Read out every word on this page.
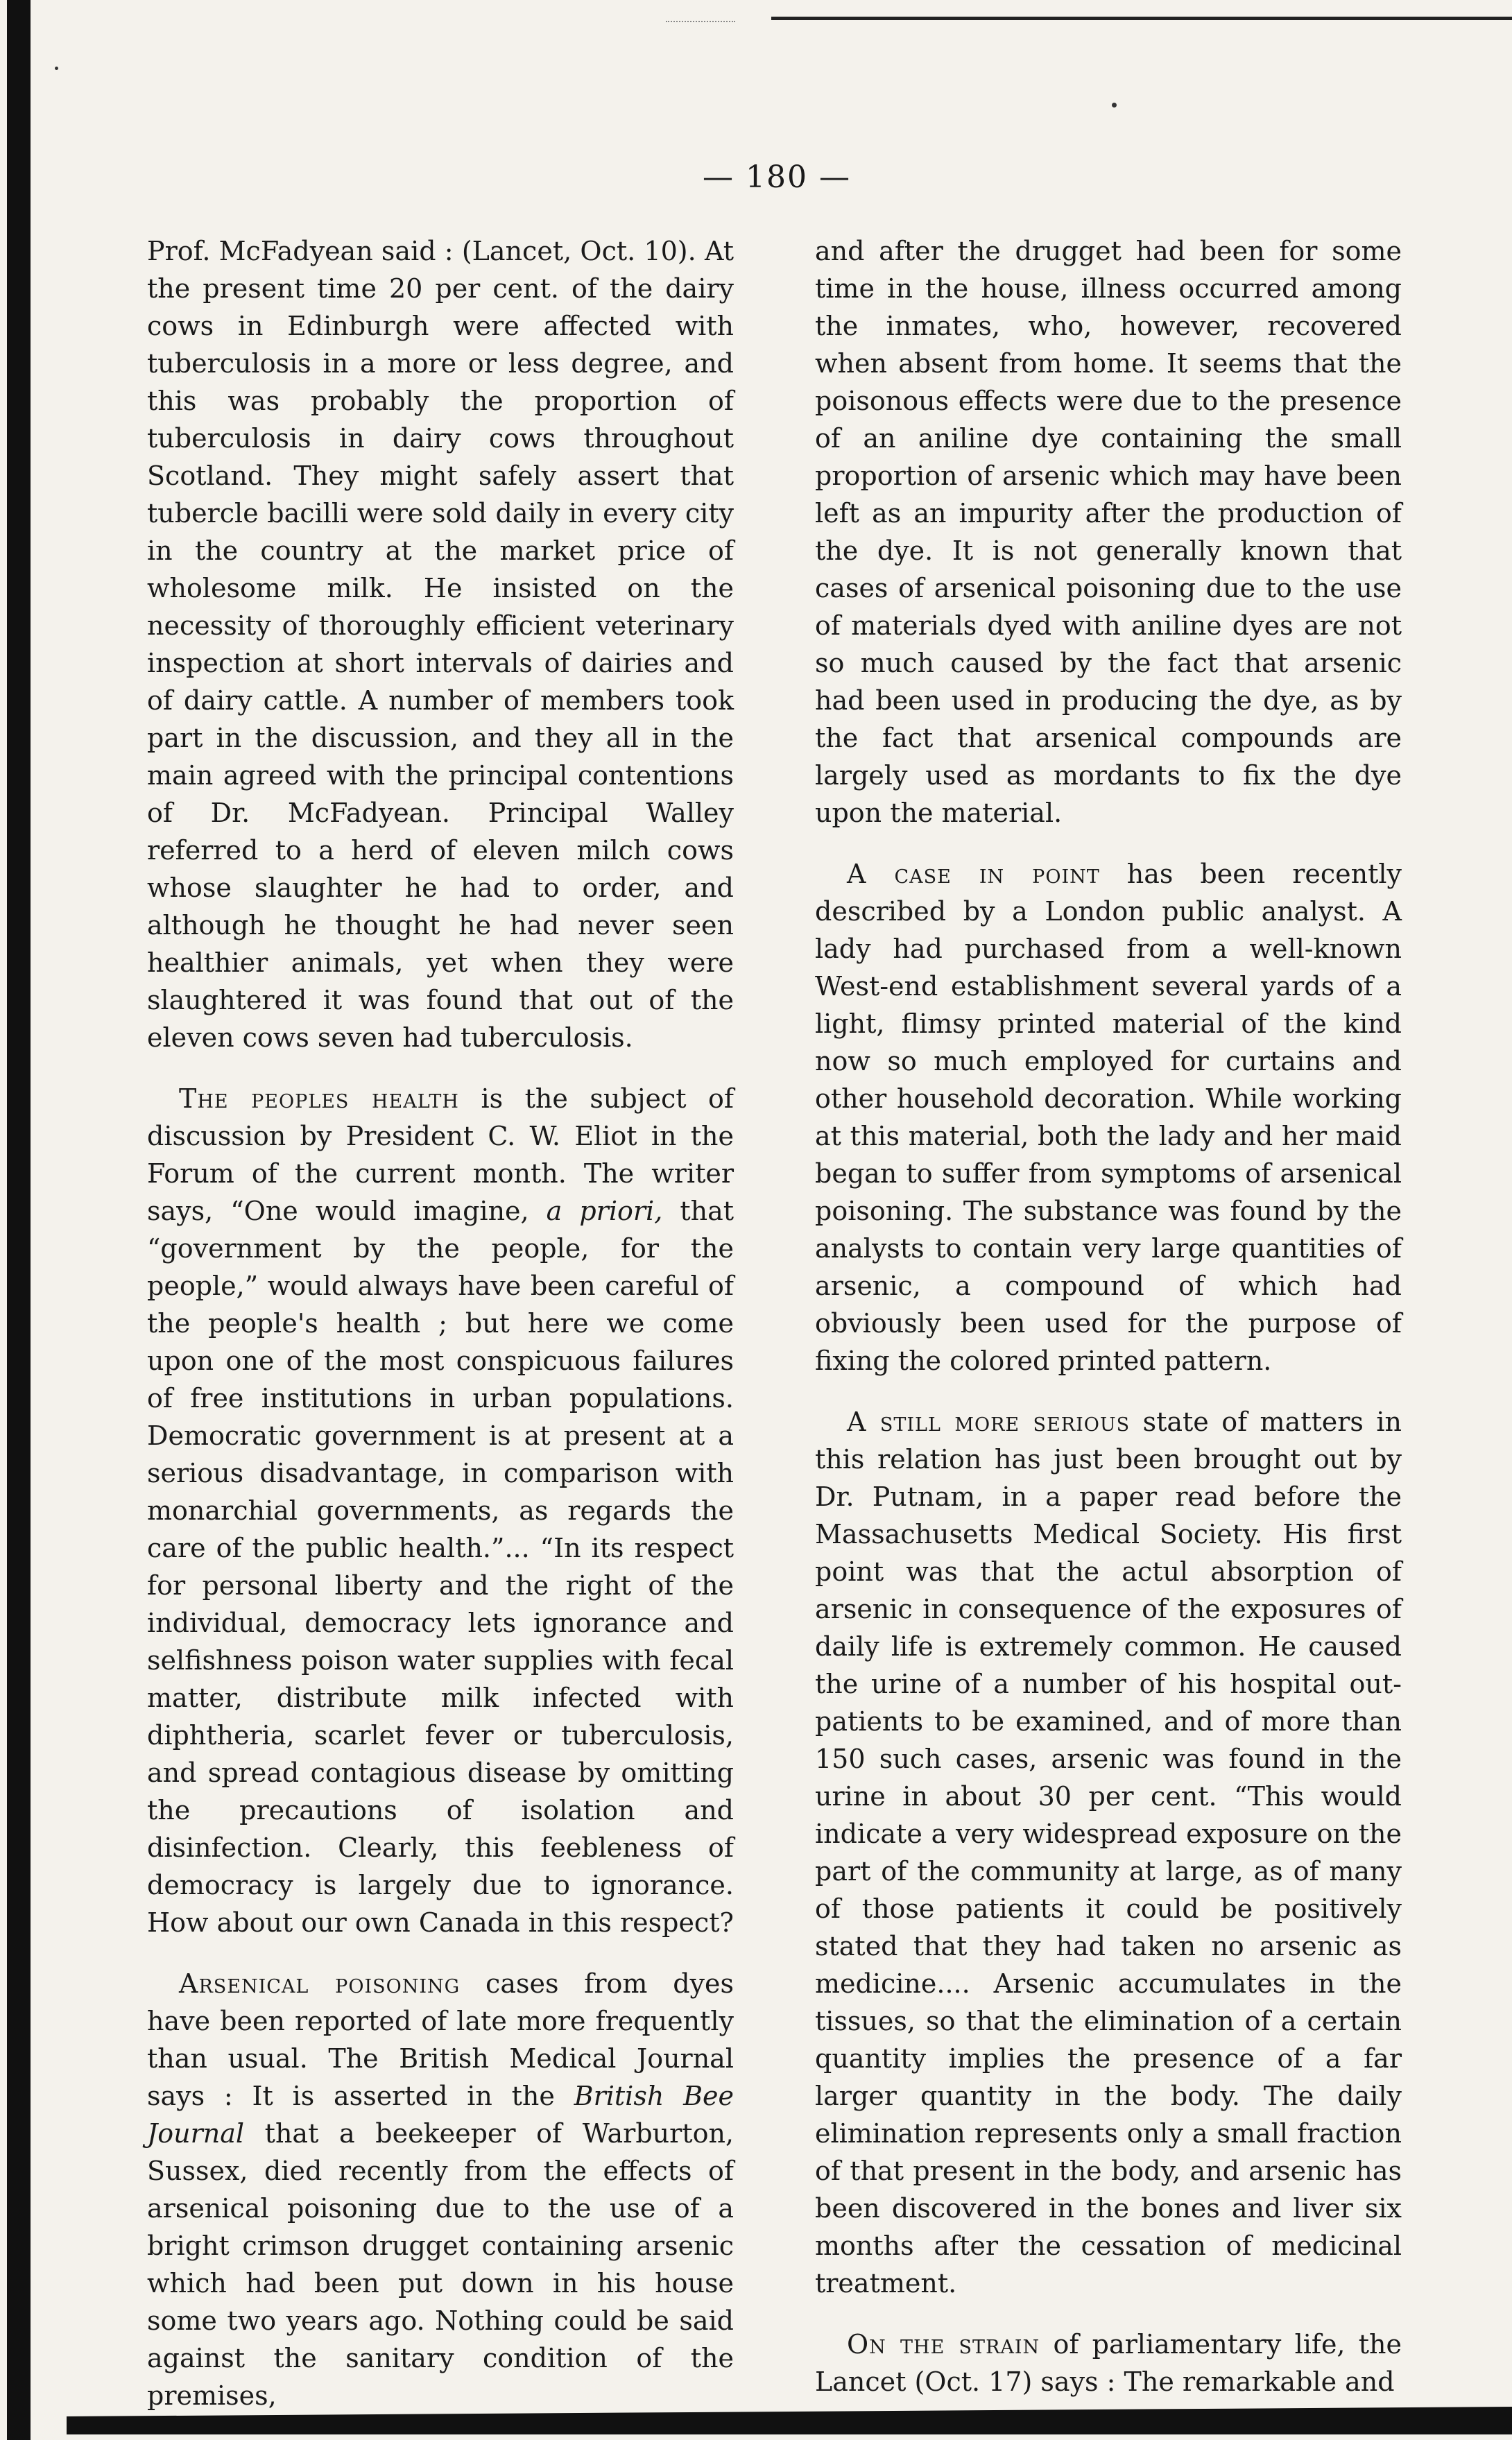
— 180 —

Prof. McFadyean said : (Lancet, Oct. 10). At the present time 20 per cent. of the dairy cows in Edinburgh were affected with tuberculosis in a more or less degree, and this was probably the proportion of tuberculosis in dairy cows throughout Scotland. They might safely assert that tubercle bacilli were sold daily in every city in the country at the market price of wholesome milk. He insisted on the necessity of thoroughly efficient veterinary inspection at short intervals of dairies and of dairy cattle. A number of members took part in the discussion, and they all in the main agreed with the principal contentions of Dr. McFadyean. Principal Walley referred to a herd of eleven milch cows whose slaughter he had to order, and although he thought he had never seen healthier animals, yet when they were slaughtered it was found that out of the eleven cows seven had tuberculosis.

The peoples health is the subject of discussion by President C. W. Eliot in the Forum of the current month. The writer says, “One would imagine, a priori, that “government by the people, for the people,” would always have been careful of the people's health ; but here we come upon one of the most conspicuous failures of free institutions in urban populations. Democratic government is at present at a serious disadvantage, in comparison with monarchial governments, as regards the care of the public health.”... “In its respect for personal liberty and the right of the individual, democracy lets ignorance and selfishness poison water supplies with fecal matter, distribute milk infected with diphtheria, scarlet fever or tuberculosis, and spread contagious disease by omitting the precautions of isolation and disinfection. Clearly, this feebleness of democracy is largely due to ignorance. How about our own Canada in this respect?

Arsenical poisoning cases from dyes have been reported of late more frequently than usual. The British Medical Journal says : It is asserted in the British Bee Journal that a beekeeper of Warburton, Sussex, died recently from the effects of arsenical poisoning due to the use of a bright crimson drugget containing arsenic which had been put down in his house some two years ago. Nothing could be said against the sanitary condition of the premises,

and after the drugget had been for some time in the house, illness occurred among the inmates, who, however, recovered when absent from home. It seems that the poisonous effects were due to the presence of an aniline dye containing the small proportion of arsenic which may have been left as an impurity after the production of the dye. It is not generally known that cases of arsenical poisoning due to the use of materials dyed with aniline dyes are not so much caused by the fact that arsenic had been used in producing the dye, as by the fact that arsenical compounds are largely used as mordants to fix the dye upon the material.

A case in point has been recently described by a London public analyst. A lady had purchased from a well-known West-end establishment several yards of a light, flimsy printed material of the kind now so much employed for curtains and other household decoration. While working at this material, both the lady and her maid began to suffer from symptoms of arsenical poisoning. The substance was found by the analysts to contain very large quantities of arsenic, a compound of which had obviously been used for the purpose of fixing the colored printed pattern.

A still more serious state of matters in this relation has just been brought out by Dr. Putnam, in a paper read before the Massachusetts Medical Society. His first point was that the actul absorption of arsenic in consequence of the exposures of daily life is extremely common. He caused the urine of a number of his hospital out-patients to be examined, and of more than 150 such cases, arsenic was found in the urine in about 30 per cent. “This would indicate a very widespread exposure on the part of the community at large, as of many of those patients it could be positively stated that they had taken no arsenic as medicine.... Arsenic accumulates in the tissues, so that the elimination of a certain quantity implies the presence of a far larger quantity in the body. The daily elimination represents only a small fraction of that present in the body, and arsenic has been discovered in the bones and liver six months after the cessation of medicinal treatment.

On the strain of parliamentary life, the Lancet (Oct. 17) says : The remarkable and
